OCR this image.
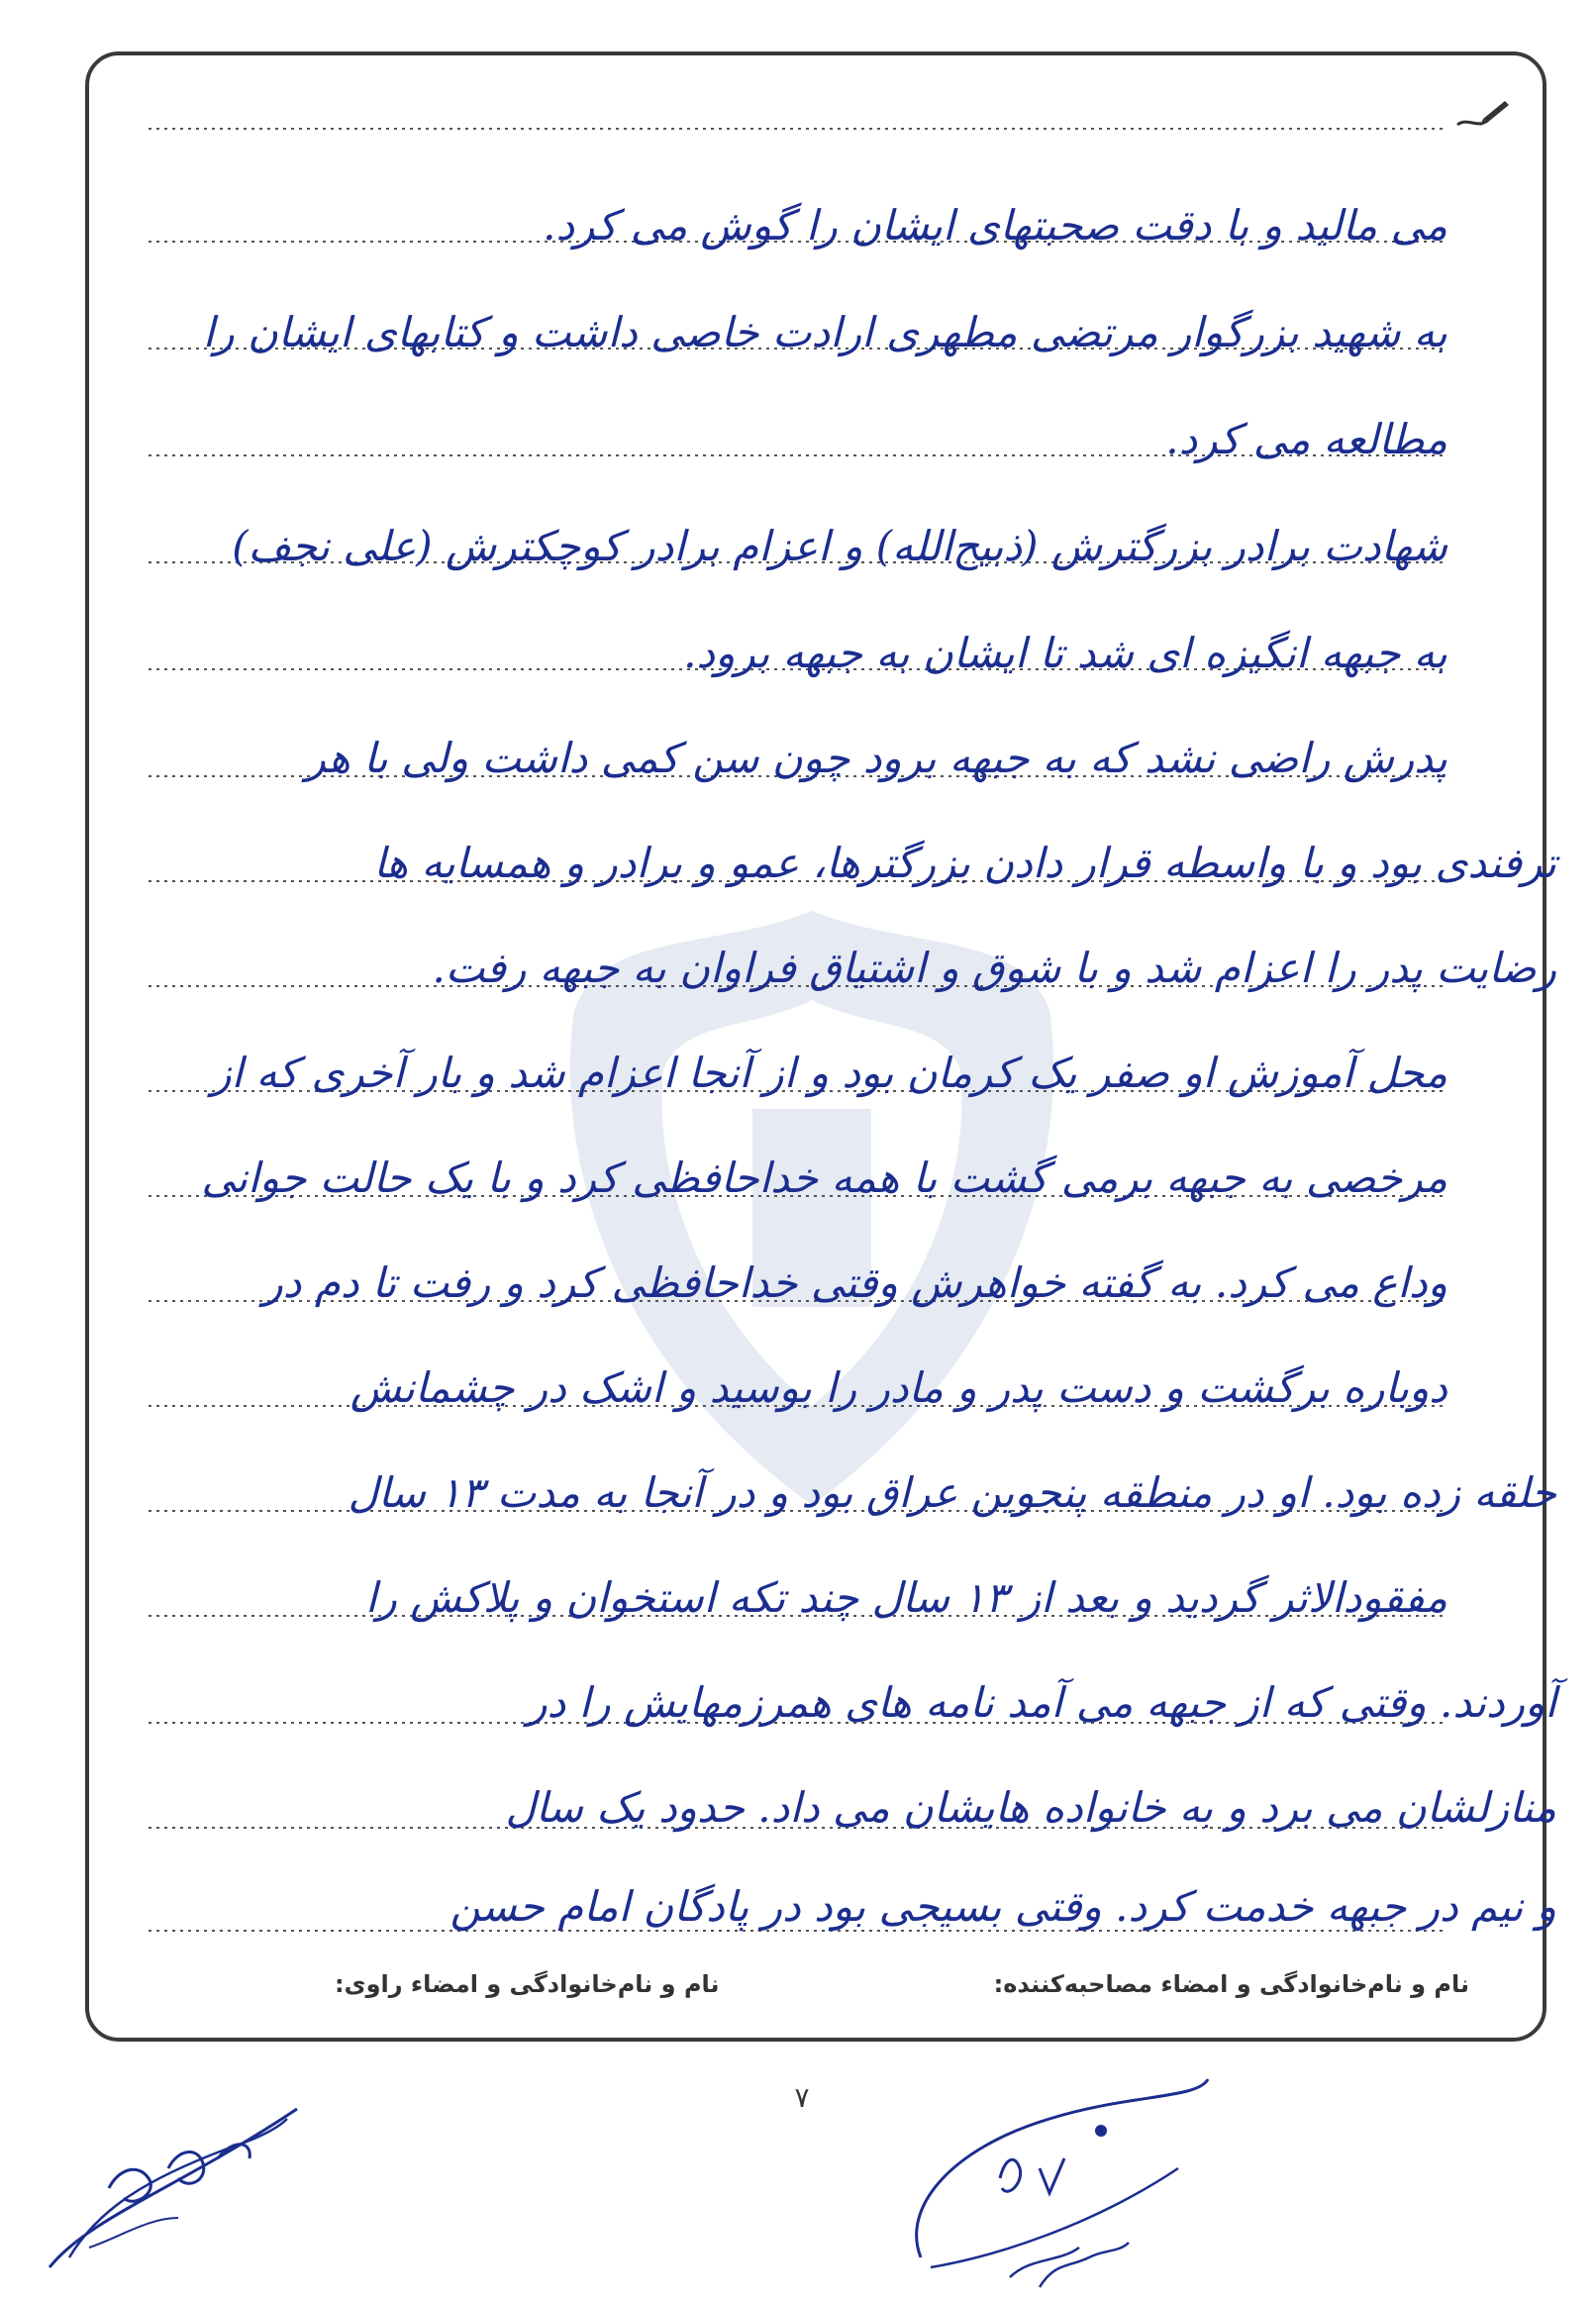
می مالید و با دقت صحبتهای ایشان را گوش می کرد.
به شهید بزرگوار مرتضی مطهری ارادت خاصی داشت و کتابهای ایشان را
مطالعه می کرد.
شهادت برادر بزرگترش (ذبیح‌الله) و اعزام برادر کوچکترش (علی نجف)
به جبهه انگیزه ای شد تا ایشان به جبهه برود.
پدرش راضی نشد که به جبهه برود چون سن کمی داشت ولی با هر
ترفندی بود و با واسطه قرار دادن بزرگترها، عمو و برادر و همسایه ها
رضایت پدر را اعزام شد و با شوق و اشتیاق فراوان به جبهه رفت.
محل آموزش او صفر یک کرمان بود و از آنجا اعزام شد و بار آخری که از
مرخصی به جبهه برمی گشت با همه خداحافظی کرد و با یک حالت جوانی
وداع می کرد. به گفته خواهرش وقتی خداحافظی کرد و رفت تا دم در
دوباره برگشت و دست پدر و مادر را بوسید و اشک در چشمانش
حلقه زده بود. او در منطقه پنجوین عراق بود و در آنجا به مدت ۱۳ سال
مفقودالاثر گردید و بعد از ۱۳ سال چند تکه استخوان و پلاکش را
آوردند. وقتی که از جبهه می آمد نامه های همرزمهایش را در
منازلشان می برد و به خانواده هایشان می داد. حدود یک سال
و نیم در جبهه خدمت کرد. وقتی بسیجی بود در پادگان امام حسن
نام و نام‌خانوادگی و امضاء مصاحبه‌کننده:
نام و نام‌خانوادگی و امضاء راوی:
۷
